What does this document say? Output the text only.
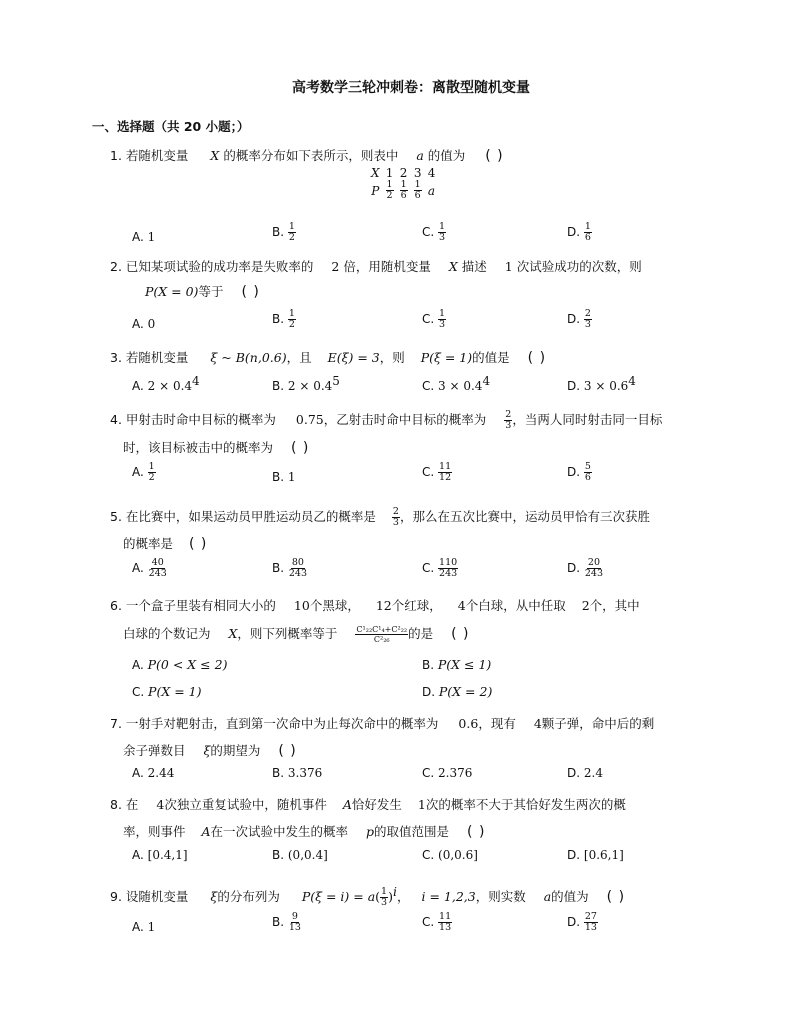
高考数学三轮冲刺卷：离散型随机变量
一、选择题（共 20 小题；）
1. 若随机变量 X 的概率分布如下表所示，则表中 a 的值为 ( )
X	1	2	3	4
P	$\frac{1}{2}$	$\frac{1}{6}$	$\frac{1}{6}$	a
A. 1	B. $\frac{1}{2}$	C. $\frac{1}{3}$	D. $\frac{1}{6}$
2. 已知某项试验的成功率是失败率的 2 倍，用随机变量 X 描述 1 次试验成功的次数，则
P(X = 0)等于 ( )
A. 0	B. $\frac{1}{2}$	C. $\frac{1}{3}$	D. $\frac{2}{3}$
3. 若随机变量 ξ ~ B(n,0.6)，且 E(ξ) = 3，则 P(ξ = 1)的值是 ( )
A. $2 \times 0.4^4$	B. $2 \times 0.4^5$	C. $3 \times 0.4^4$	D. $3 \times 0.6^4$
4. 甲射击时命中目标的概率为 0.75，乙射击时命中目标的概率为 $\frac{2}{3}$ ，当两人同时射击同一目标
时，该目标被击中的概率为 ( )
A. $\frac{1}{2}$	B. 1	C. $\frac{11}{12}$	D. $\frac{5}{6}$
5. 在比赛中，如果运动员甲胜运动员乙的概率是 $\frac{2}{3}$ ，那么在五次比赛中，运动员甲恰有三次获胜
的概率是 ( )
A. $\frac{40}{243}$	B. $\frac{80}{243}$	C. $\frac{110}{243}$	D. $\frac{20}{243}$
6. 一个盒子里装有相同大小的 10个黑球， 12个红球， 4个白球，从中任取 2个，其中
白球的个数记为 X，则下列概率等于 $\frac{\text{C¹₂₂C¹₄+C²₂₂}}{\text{C²₂₆}}$ 的是 ( )
A. P(0 < X ≤ 2)	B. P(X ≤ 1)
C. P(X = 1)	D. P(X = 2)
7. 一射手对靶射击，直到第一次命中为止每次命中的概率为 0.6，现有 4颗子弹，命中后的剩
余子弹数目 ξ的期望为 ( )
A. 2.44	B. 3.376	C. 2.376	D. 2.4
8. 在 4次独立重复试验中，随机事件 A恰好发生 1次的概率不大于其恰好发生两次的概
率，则事件 A在一次试验中发生的概率 p的取值范围是 ( )
A. [0.4,1]	B. (0,0.4]	C. (0,0.6]	D. [0.6,1]
9. 设随机变量 ξ的分布列为 $P(\xi = i) = a( \frac{1}{3} )^i$， i = 1,2,3，则实数 a的值为 ( )
A. 1	B. $\frac{9}{13}$	C. $\frac{11}{13}$	D. $\frac{27}{13}$
